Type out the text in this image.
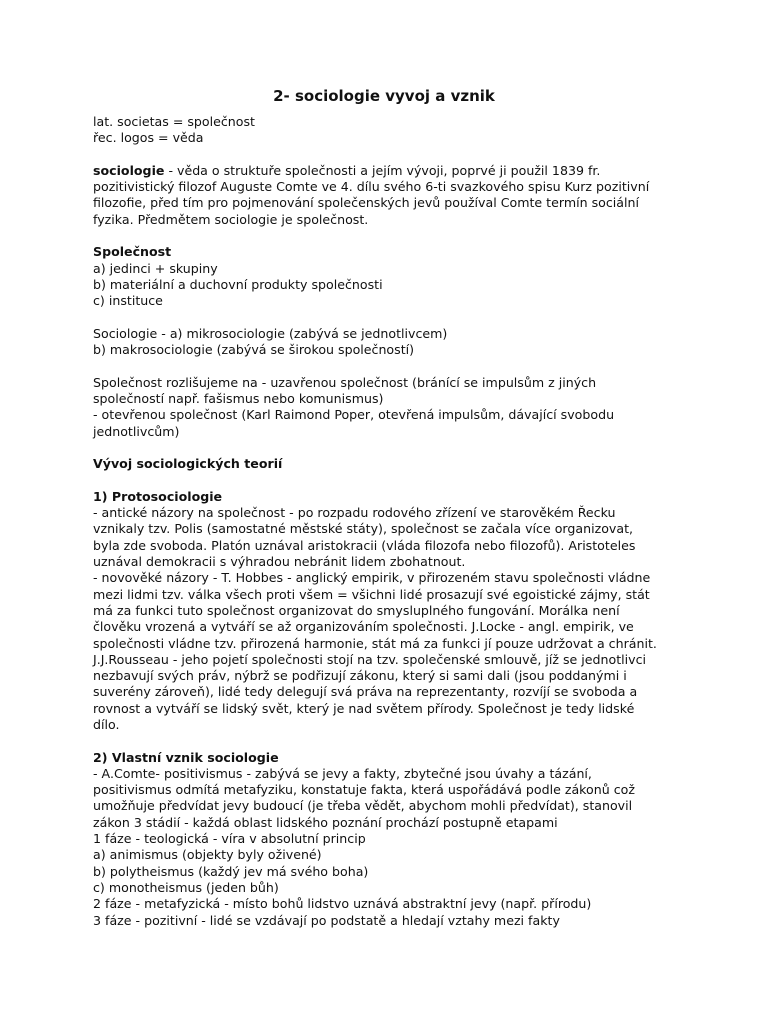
2- sociologie vyvoj a vznik

lat. societas = společnost
řec. logos = věda

sociologie - věda o struktuře společnosti a jejím vývoji, poprvé ji použil 1839 fr.
pozitivistický filozof Auguste Comte ve 4. dílu svého 6-ti svazkového spisu Kurz pozitivní
filozofie, před tím pro pojmenování společenských jevů používal Comte termín sociální
fyzika. Předmětem sociologie je společnost.

Společnost
a) jedinci + skupiny
b) materiální a duchovní produkty společnosti
c) instituce

Sociologie - a) mikrosociologie (zabývá se jednotlivcem)
b) makrosociologie (zabývá se širokou společností)

Společnost rozlišujeme na - uzavřenou společnost (bránící se impulsům z jiných
společností např. fašismus nebo komunismus)
- otevřenou společnost (Karl Raimond Poper, otevřená impulsům, dávající svobodu
jednotlivcům)

Vývoj sociologických teorií

1) Protosociologie
- antické názory na společnost - po rozpadu rodového zřízení ve starověkém Řecku
vznikaly tzv. Polis (samostatné městské státy), společnost se začala více organizovat,
byla zde svoboda. Platón uznával aristokracii (vláda filozofa nebo filozofů). Aristoteles
uznával demokracii s výhradou nebránit lidem zbohatnout.
- novověké názory - T. Hobbes - anglický empirik, v přirozeném stavu společnosti vládne
mezi lidmi tzv. válka všech proti všem = všichni lidé prosazují své egoistické zájmy, stát
má za funkci tuto společnost organizovat do smysluplného fungování. Morálka není
člověku vrozená a vytváří se až organizováním společnosti. J.Locke - angl. empirik, ve
společnosti vládne tzv. přirozená harmonie, stát má za funkci jí pouze udržovat a chránit.
J.J.Rousseau - jeho pojetí společnosti stojí na tzv. společenské smlouvě, jíž se jednotlivci
nezbavují svých práv, nýbrž se podřizují zákonu, který si sami dali (jsou poddanými i
suverény zároveň), lidé tedy delegují svá práva na reprezentanty, rozvíjí se svoboda a
rovnost a vytváří se lidský svět, který je nad světem přírody. Společnost je tedy lidské
dílo.

2) Vlastní vznik sociologie
- A.Comte- positivismus - zabývá se jevy a fakty, zbytečné jsou úvahy a tázání,
positivismus odmítá metafyziku, konstatuje fakta, která uspořádává podle zákonů což
umožňuje předvídat jevy budoucí (je třeba vědět, abychom mohli předvídat), stanovil
zákon 3 stádií - každá oblast lidského poznání prochází postupně etapami
1 fáze - teologická - víra v absolutní princip
a) animismus (objekty byly oživené)
b) polytheismus (každý jev má svého boha)
c) monotheismus (jeden bůh)
2 fáze - metafyzická - místo bohů lidstvo uznává abstraktní jevy (např. přírodu)
3 fáze - pozitivní - lidé se vzdávají po podstatě a hledají vztahy mezi fakty
